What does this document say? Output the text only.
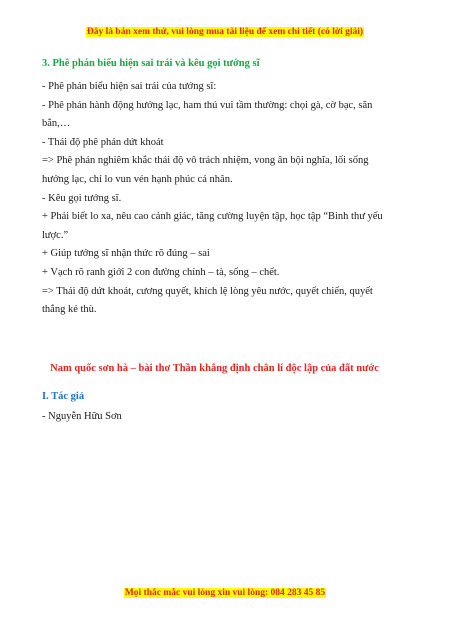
Đây là bản xem thử, vui lòng mua tài liệu để xem chi tiết (có lời giải)

3. Phê phán biểu hiện sai trái và kêu gọi tướng sĩ

- Phê phán biểu hiện sai trái của tướng sĩ:

- Phê phán hành động hưởng lạc, ham thú vui tầm thường: chọi gà, cờ bạc, săn bắn,…

- Thái độ phê phán dứt khoát

=> Phê phán nghiêm khắc thái độ vô trách nhiệm, vong ân bội nghĩa, lối sống hưởng lạc, chỉ lo vun vén hạnh phúc cá nhân.

- Kêu gọi tướng sĩ.

+ Phải biết lo xa, nêu cao cảnh giác, tăng cường luyện tập, học tập “Binh thư yếu lược.”

+ Giúp tướng sĩ nhận thức rõ đúng – sai

+ Vạch rõ ranh giới 2 con đường chính – tà, sống – chết.

=> Thái độ dứt khoát, cương quyết, khích lệ lòng yêu nước, quyết chiến, quyết thắng kẻ thù.

Nam quốc sơn hà – bài thơ Thần khẳng định chân lí độc lập của đất nước

I. Tác giả

- Nguyễn Hữu Sơn

Mọi thắc mắc vui lòng xin vui lòng: 084 283 45 85
